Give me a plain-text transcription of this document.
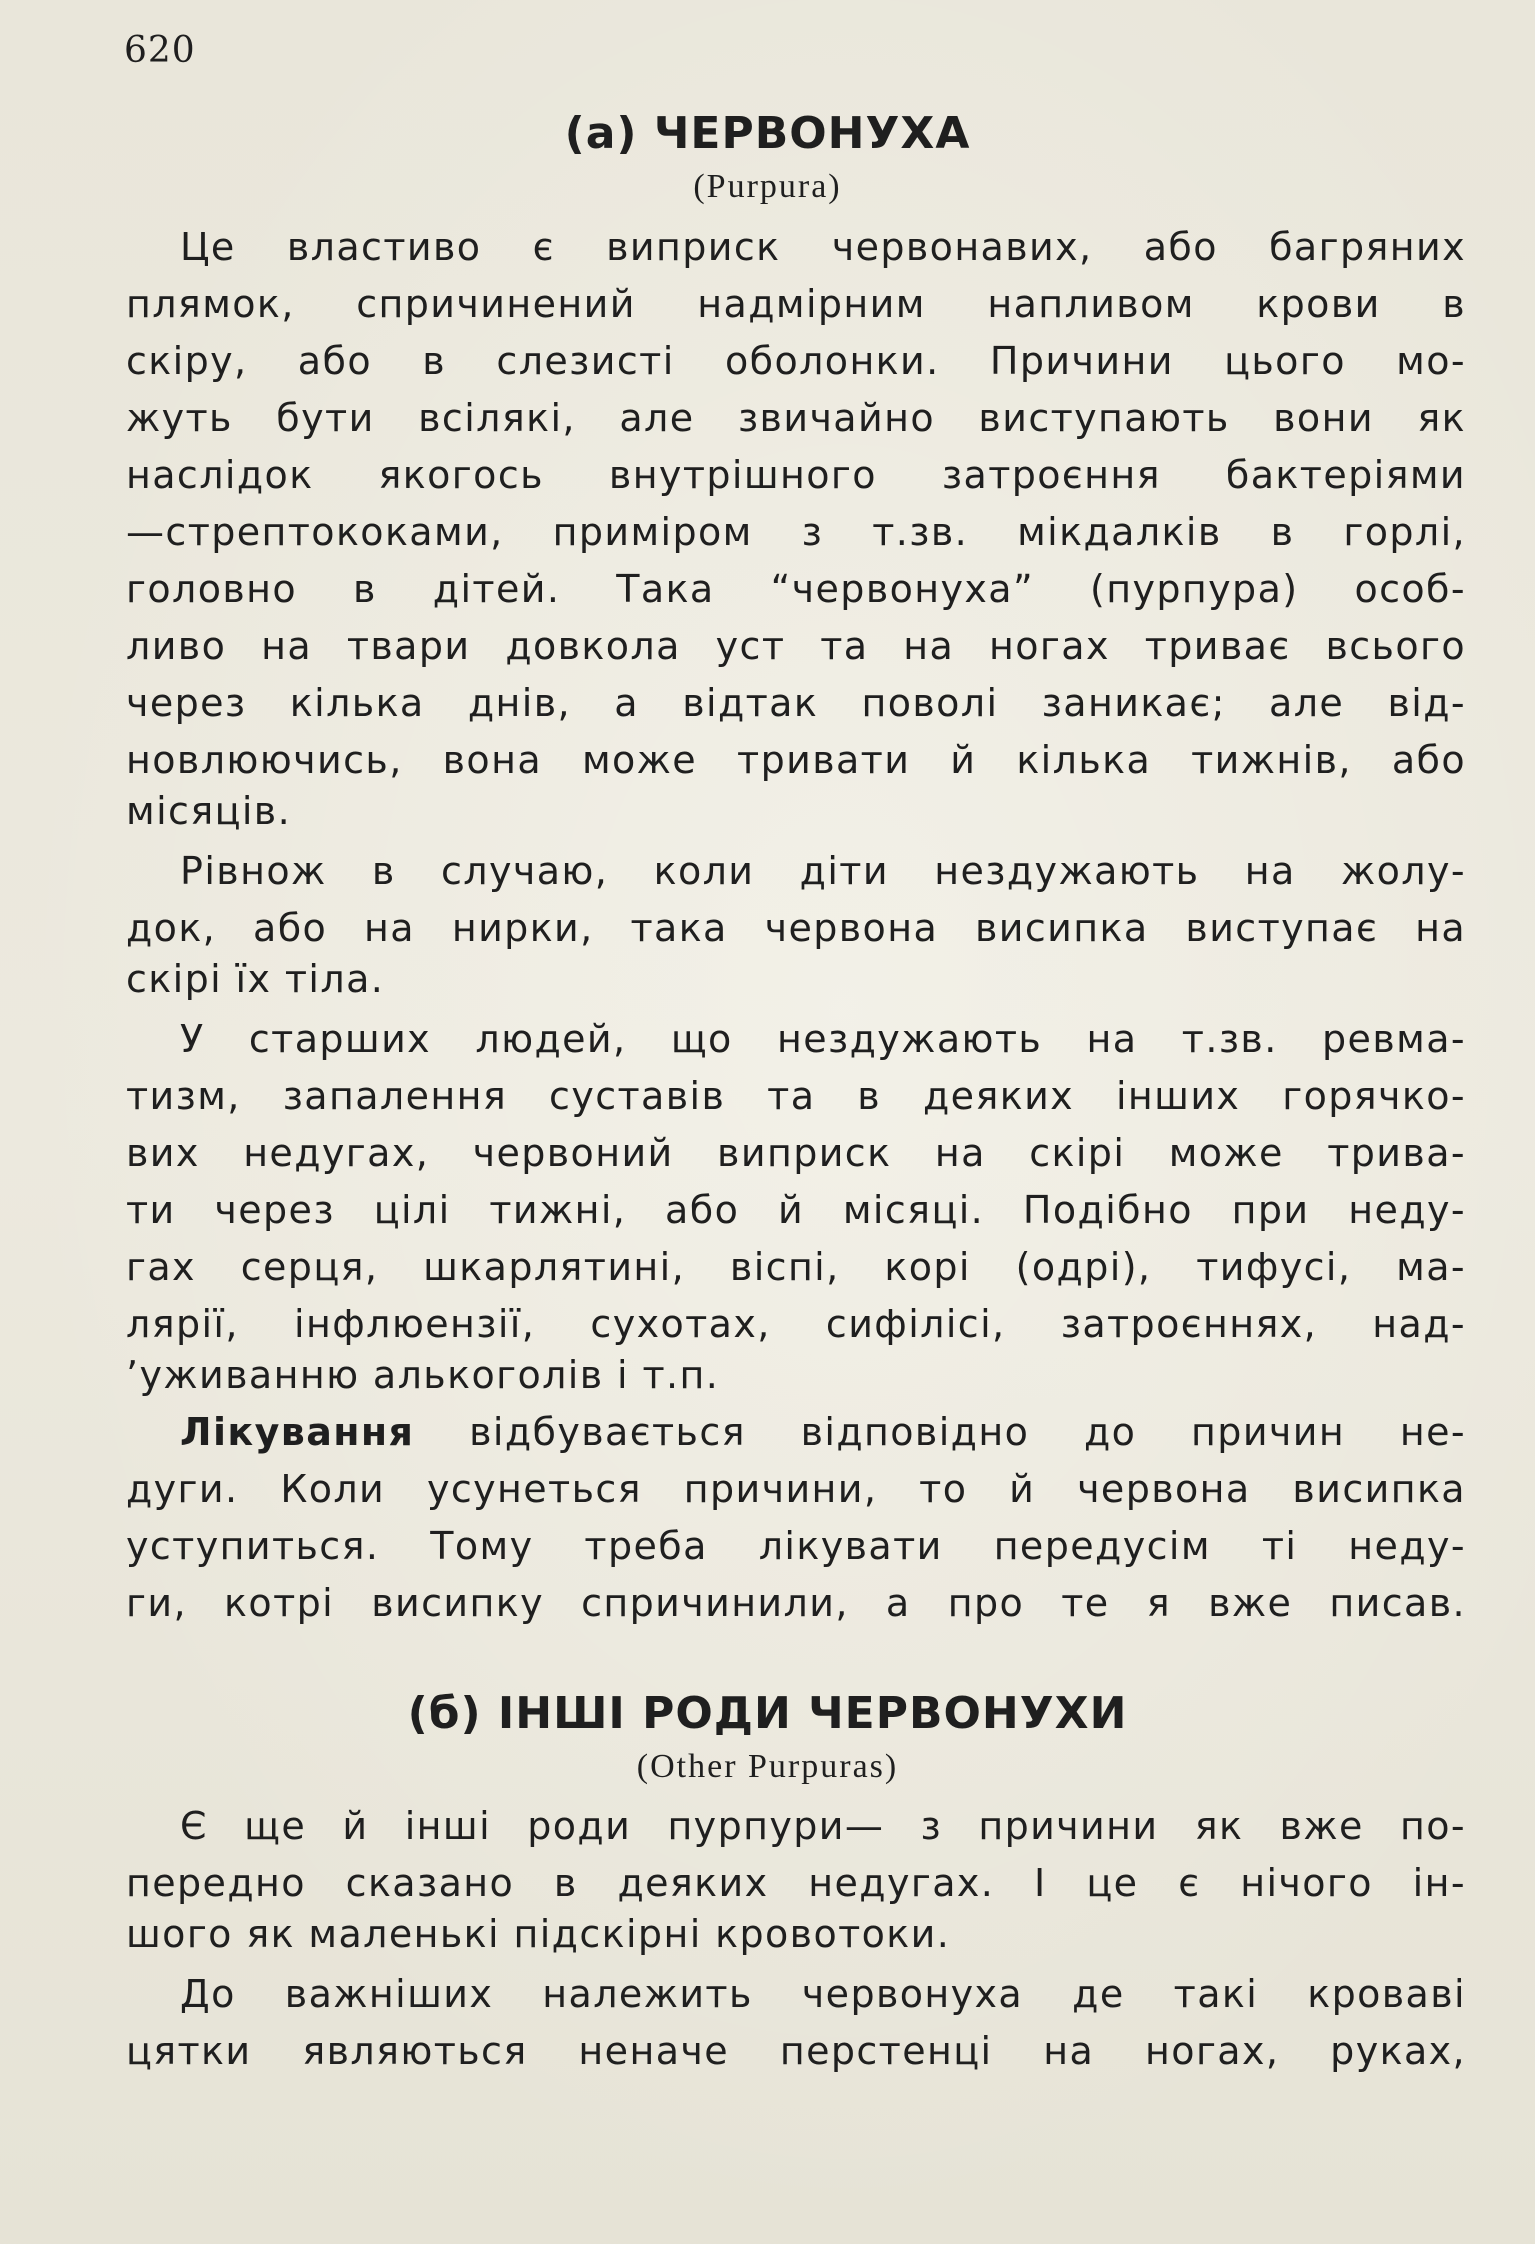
620
(а) ЧЕРВОНУХА
(Purpura)
Це властиво є виприск червонавих, або багряних
плямок, спричинений надмірним напливом крови в
скіру, або в слезисті оболонки. Причини цього мо-
жуть бути всілякі, але звичайно виступають вони як
наслідок якогось внутрішного затроєння бактеріями
—стрептококами, приміром з т.зв. мікдалків в горлі,
головно в дітей. Така “червонуха” (пурпура) особ-
ливо на твари довкола уст та на ногах триває всього
через кілька днів, а відтак поволі заникає; але від-
новлюючись, вона може тривати й кілька тижнів, або
місяців.
Рівнож в случаю, коли діти нездужають на жолу-
док, або на нирки, така червона висипка виступає на
скірі їх тіла.
У старших людей, що нездужають на т.зв. ревма-
тизм, запалення суставів та в деяких інших горячко-
вих недугах, червоний виприск на скірі може трива-
ти через цілі тижні, або й місяці. Подібно при неду-
гах серця, шкарлятині, віспі, корі (одрі), тифусі, ма-
лярії, інфлюензії, сухотах, сифілісі, затроєннях, над-
’уживанню алькоголів і т.п.
Лікування відбувається відповідно до причин не-
дуги. Коли усунеться причини, то й червона висипка
уступиться. Тому треба лікувати передусім ті неду-
ги, котрі висипку спричинили, а про те я вже писав.
(б) ІНШІ РОДИ ЧЕРВОНУХИ
(Other Purpuras)
Є ще й інші роди пурпури— з причини як вже по-
передно сказано в деяких недугах. І це є нічого ін-
шого як маленькі підскірні кровотоки.
До важніших належить червонуха де такі кроваві
цятки являються неначе перстенці на ногах, руках,
